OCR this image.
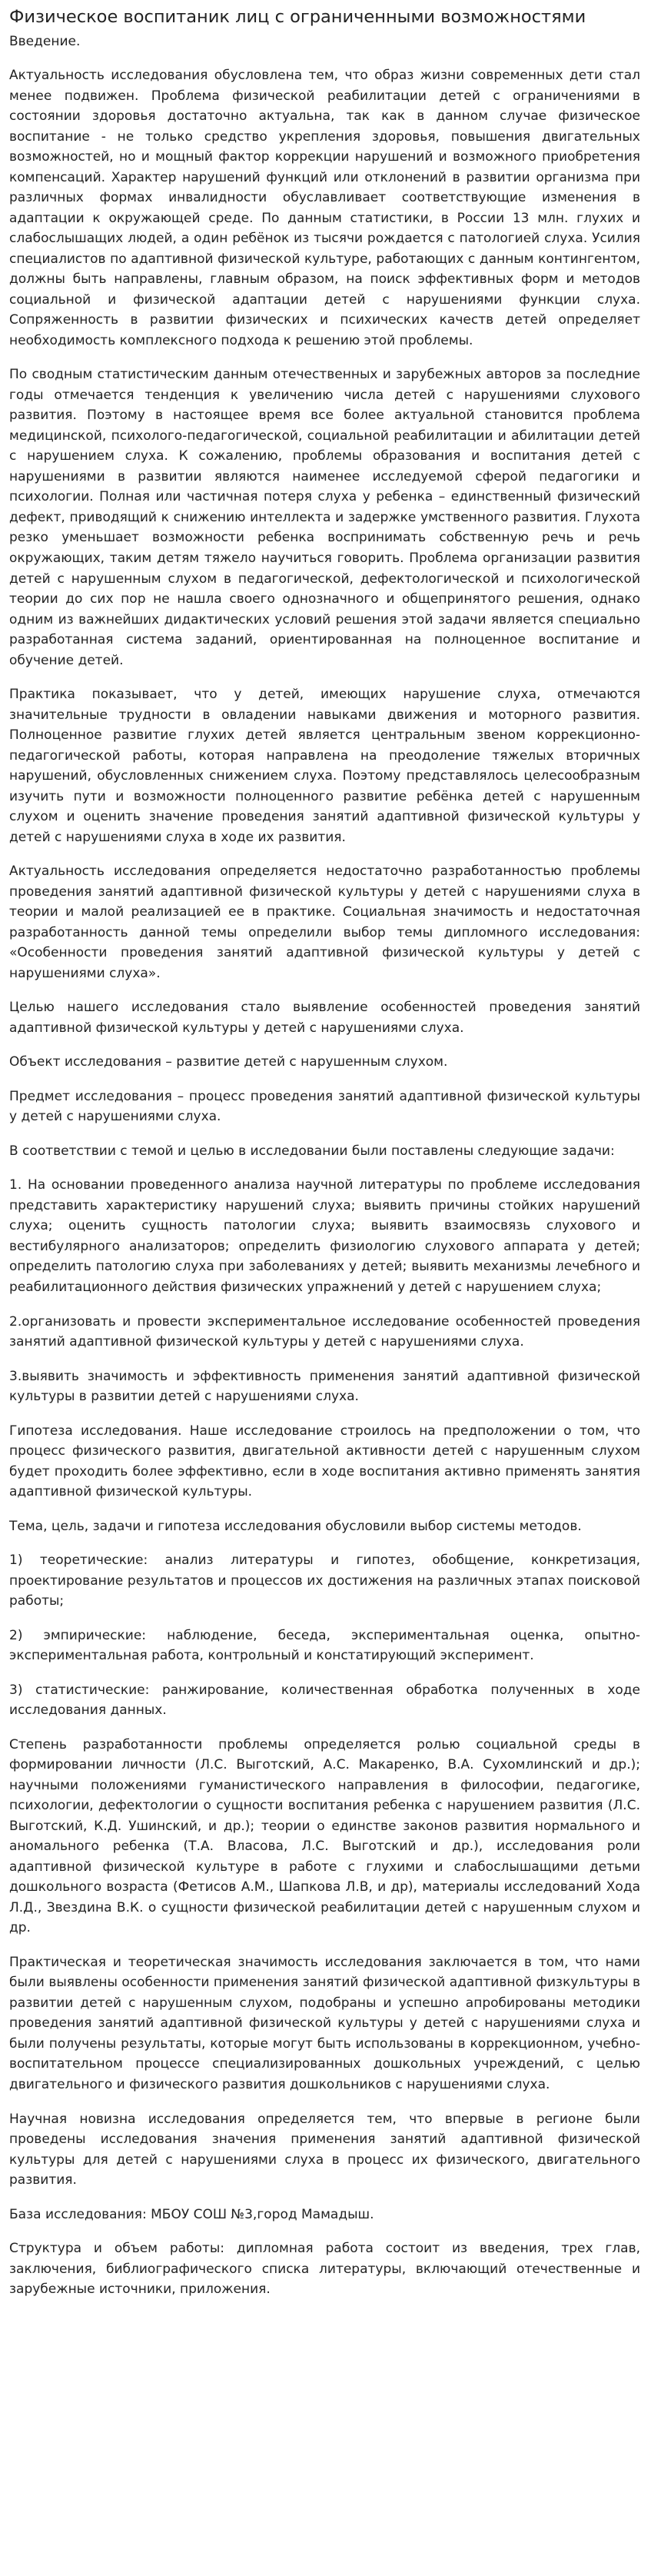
Физическое воспитаник лиц с ограниченными возможностями
Введение.

Актуальность исследования обусловлена тем, что образ жизни современных дети стал менее подвижен. Проблема физической реабилитации детей с ограничениями в состоянии здоровья достаточно актуальна, так как в данном случае физическое воспитание - не только средство укрепления здоровья, повышения двигательных возможностей, но и мощный фактор коррекции нарушений и возможного приобретения компенсаций. Характер нарушений функций или отклонений в развитии организма при различных формах инвалидности обуславливает соответствующие изменения в адаптации к окружающей среде. По данным статистики, в России 13 млн. глухих и слабослышащих людей, а один ребёнок из тысячи рождается с патологией слуха. Усилия специалистов по адаптивной физической культуре, работающих с данным контингентом, должны быть направлены, главным образом, на поиск эффективных форм и методов социальной и физической адаптации детей с нарушениями функции слуха. Сопряженность в развитии физических и психических качеств детей определяет необходимость комплексного подхода к решению этой проблемы.

По сводным статистическим данным отечественных и зарубежных авторов за последние годы отмечается тенденция к увеличению числа детей с нарушениями слухового развития. Поэтому в настоящее время все более актуальной становится проблема медицинской, психолого-педагогической, социальной реабилитации и абилитации детей с нарушением слуха. К сожалению, проблемы образования и воспитания детей с нарушениями в развитии являются наименее исследуемой сферой педагогики и психологии. Полная или частичная потеря слуха у ребенка – единственный физический дефект, приводящий к снижению интеллекта и задержке умственного развития. Глухота резко уменьшает возможности ребенка воспринимать собственную речь и речь окружающих, таким детям тяжело научиться говорить. Проблема организации развития детей с нарушенным слухом в педагогической, дефектологической и психологической теории до сих пор не нашла своего однозначного и общепринятого решения, однако одним из важнейших дидактических условий решения этой задачи является специально разработанная система заданий, ориентированная на полноценное воспитание и обучение детей.

Практика показывает, что у детей, имеющих нарушение слуха, отмечаются значительные трудности в овладении навыками движения и моторного развития. Полноценное развитие глухих детей является центральным звеном коррекционно-педагогической работы, которая направлена на преодоление тяжелых вторичных нарушений, обусловленных снижением слуха. Поэтому представлялось целесообразным изучить пути и возможности полноценного развитие ребёнка детей с нарушенным слухом и оценить значение проведения занятий адаптивной физической культуры у детей с нарушениями слуха в ходе их развития.

Актуальность исследования определяется недостаточно разработанностью проблемы проведения занятий адаптивной физической культуры у детей с нарушениями слуха в теории и малой реализацией ее в практике. Социальная значимость и недостаточная разработанность данной темы определили выбор темы дипломного исследования: «Особенности проведения занятий адаптивной физической культуры у детей с нарушениями слуха».

Целью нашего исследования стало выявление особенностей проведения занятий адаптивной физической культуры у детей с нарушениями слуха.

Объект исследования – развитие детей с нарушенным слухом.

Предмет исследования – процесс проведения занятий адаптивной физической культуры у детей с нарушениями слуха.

В соответствии с темой и целью в исследовании были поставлены следующие задачи:

1. На основании проведенного анализа научной литературы по проблеме исследования представить характеристику нарушений слуха; выявить причины стойких нарушений слуха; оценить сущность патологии слуха; выявить взаимосвязь слухового и вестибулярного анализаторов; определить физиологию слухового аппарата у детей; определить патологию слуха при заболеваниях у детей; выявить механизмы лечебного и реабилитационного действия физических упражнений у детей с нарушением слуха;

2.организовать и провести экспериментальное исследование особенностей проведения занятий адаптивной физической культуры у детей с нарушениями слуха.

3.выявить значимость и эффективность применения занятий адаптивной физической культуры в развитии детей с нарушениями слуха.

Гипотеза исследования. Наше исследование строилось на предположении о том, что процесс физического развития, двигательной активности детей с нарушенным слухом будет проходить более эффективно, если в ходе воспитания активно применять занятия адаптивной физической культуры.

Тема, цель, задачи и гипотеза исследования обусловили выбор системы методов.

1) теоретические: анализ литературы и гипотез, обобщение, конкретизация, проектирование результатов и процессов их достижения на различных этапах поисковой работы;

2) эмпирические: наблюдение, беседа, экспериментальная оценка, опытно-экспериментальная работа, контрольный и констатирующий эксперимент.

3) статистические: ранжирование, количественная обработка полученных в ходе исследования данных.

Степень разработанности проблемы определяется ролью социальной среды в формировании личности (Л.С. Выготский, А.С. Макаренко, В.А. Сухомлинский и др.); научными положениями гуманистического направления в философии, педагогике, психологии, дефектологии о сущности воспитания ребенка с нарушением развития (Л.С. Выготский, К.Д. Ушинский, и др.); теории о единстве законов развития нормального и аномального ребенка (Т.А. Власова, Л.С. Выготский и др.), исследования роли адаптивной физической культуре в работе с глухими и слабослышащими детьми дошкольного возраста (Фетисов А.М., Шапкова Л.В, и др), материалы исследований Хода Л.Д., Звездина В.К. о сущности физической реабилитации детей с нарушенным слухом и др.

Практическая и теоретическая значимость исследования заключается в том, что нами были выявлены особенности применения занятий физической адаптивной физкультуры в развитии детей с нарушенным слухом, подобраны и успешно апробированы методики проведения занятий адаптивной физической культуры у детей с нарушениями слуха и были получены результаты, которые могут быть использованы в коррекционном, учебно-воспитательном процессе специализированных дошкольных учреждений, с целью двигательного и физического развития дошкольников с нарушениями слуха.

Научная новизна исследования определяется тем, что впервые в регионе были проведены исследования значения применения занятий адаптивной физической культуры для детей с нарушениями слуха в процесс их физического, двигательного развития.

База исследования: МБОУ СОШ №3,город Мамадыш.

Структура и объем работы: дипломная работа состоит из введения, трех глав, заключения, библиографического списка литературы, включающий отечественные и зарубежные источники, приложения.
